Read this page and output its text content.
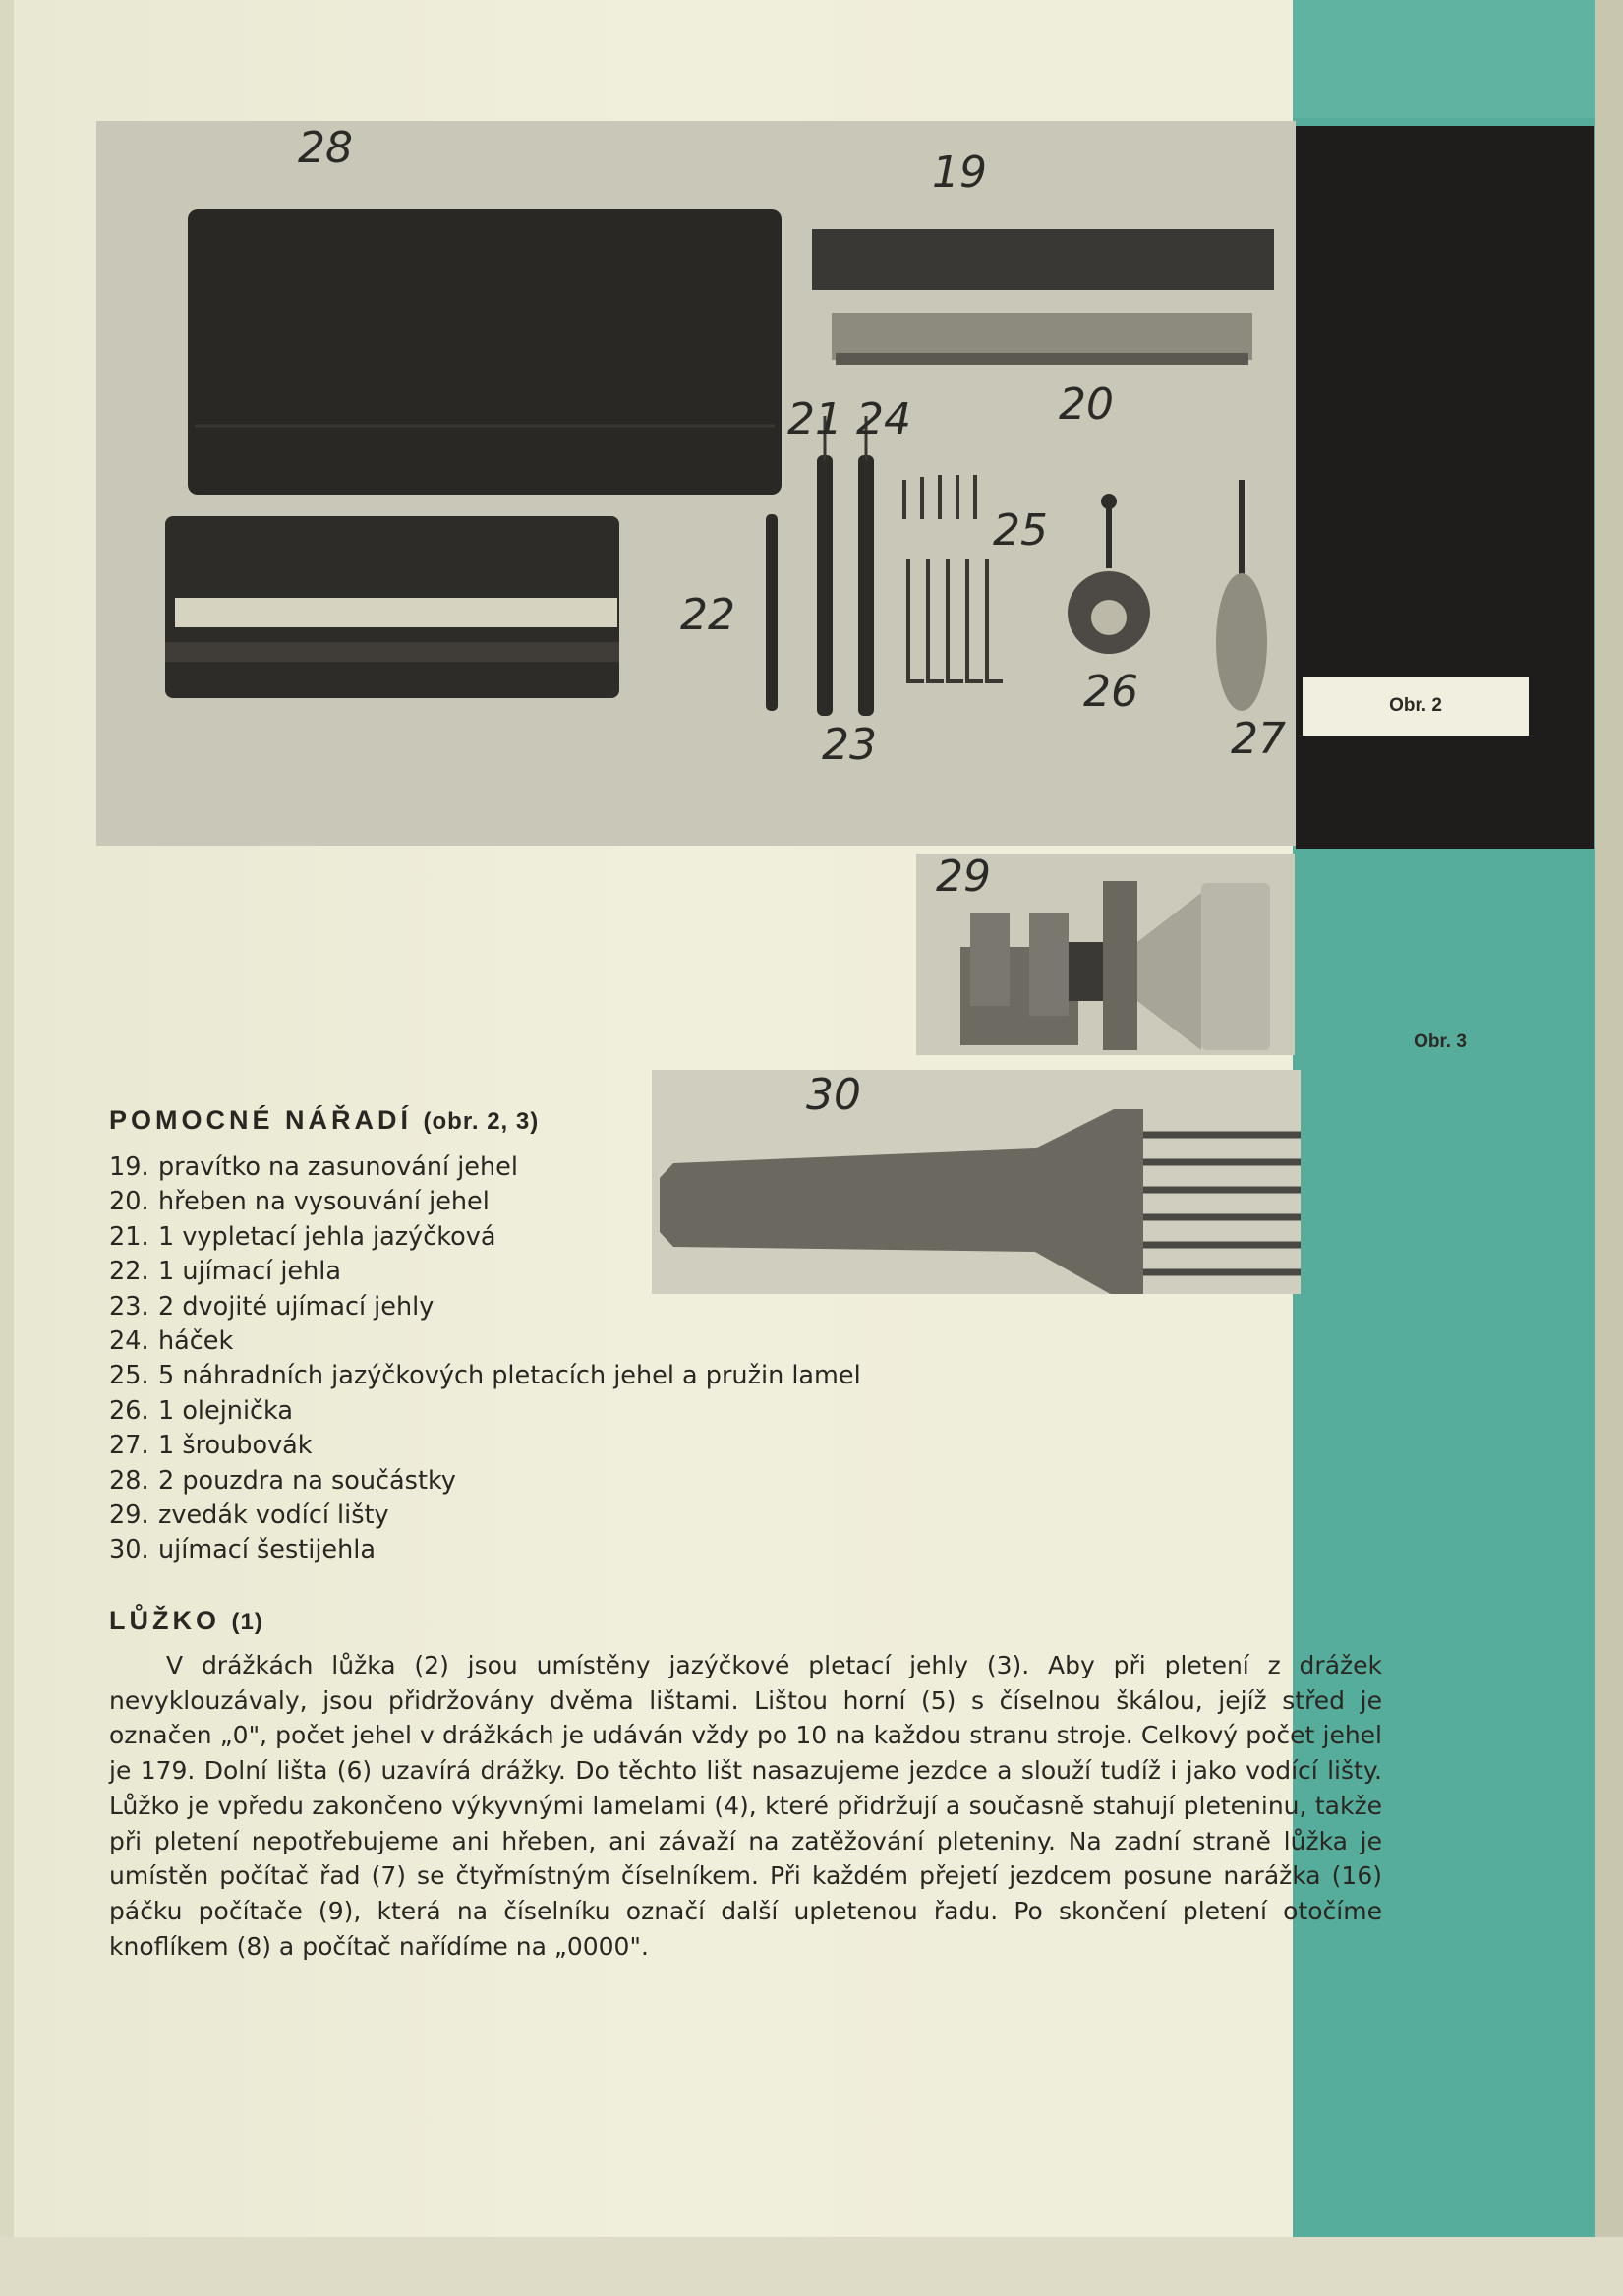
28	19
20
21 24
25
22
23
26
27
Obr. 2
29
Obr. 3
30
POMOCNÉ NÁŘADÍ (obr. 2, 3)
19. pravítko na zasunování jehel
20. hřeben na vysouvání jehel
21. 1 vypletací jehla jazýčková
22. 1 ujímací jehla
23. 2 dvojité ujímací jehly
24. háček
25. 5 náhradních jazýčkových pletacích jehel a pružin lamel
26. 1 olejnička
27. 1 šroubovák
28. 2 pouzdra na součástky
29. zvedák vodící lišty
30. ujímací šestijehla
LŮŽKO (1)

V drážkách lůžka (2) jsou umístěny jazýčkové pletací jehly (3). Aby při pletení z drážek nevyklouzávaly, jsou přidržovány dvěma lištami. Lištou horní (5) s číselnou škálou, jejíž střed je označen „0", počet jehel v drážkách je udáván vždy po 10 na každou stranu stroje. Celkový počet jehel je 179. Dolní lišta (6) uzavírá drážky. Do těchto lišt nasazujeme jezdce a slouží tudíž i jako vodící lišty. Lůžko je vpředu zakončeno výkyvnými lamelami (4), které přidržují a současně stahují pleteninu, takže při pletení nepotřebujeme ani hřeben, ani závaží na zatěžování pleteniny. Na zadní straně lůžka je umístěn počítač řad (7) se čtyřmístným číselníkem. Při každém přejetí jezdcem posune narážka (16) páčku počítače (9), která na číselníku označí další upletenou řadu. Po skončení pletení otočíme knoflíkem (8) a počítač nařídíme na „0000".
